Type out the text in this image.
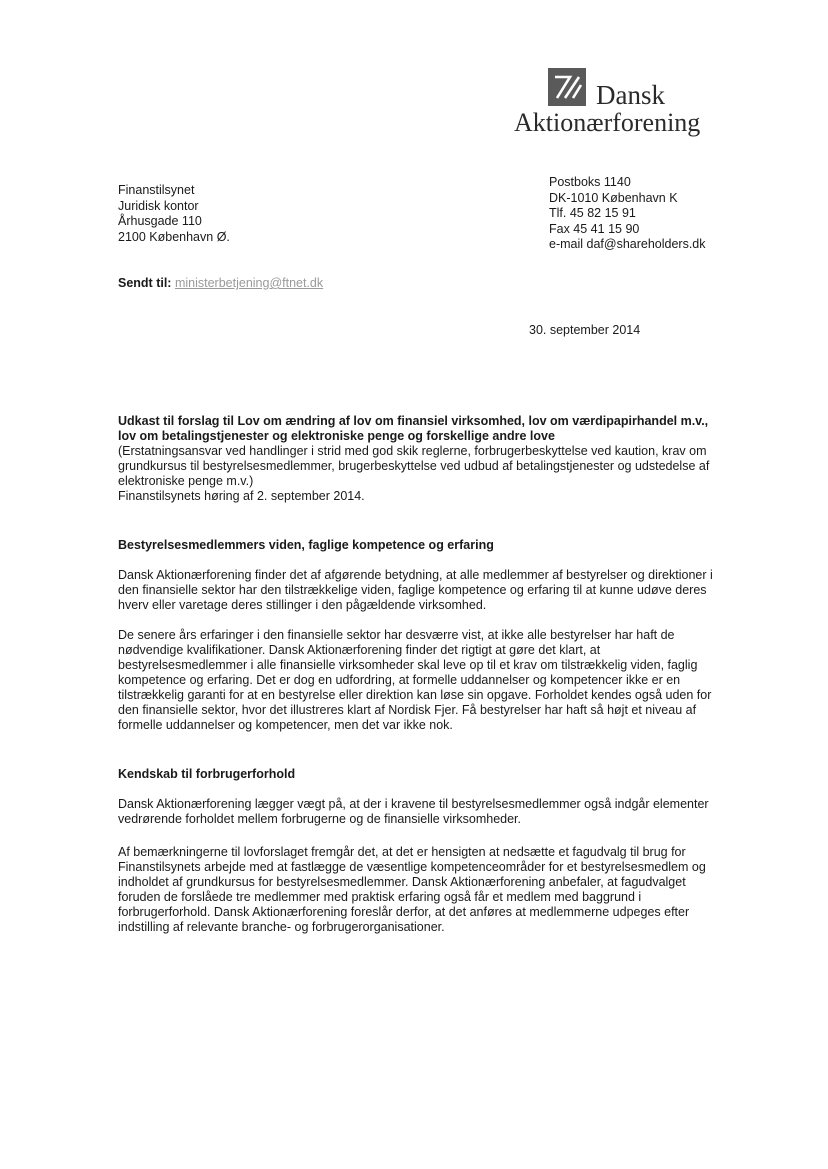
Dansk
Aktionærforening
Finanstilsynet
Juridisk kontor
Århusgade 110
2100 København Ø.
Postboks 1140
DK-1010 København K
Tlf. 45 82 15 91
Fax 45 41 15 90
e-mail daf@shareholders.dk
Sendt til: ministerbetjening@ftnet.dk
30. september 2014

Udkast til forslag til Lov om ændring af lov om finansiel virksomhed, lov om værdipapirhandel m.v., lov om betalingstjenester og elektroniske penge og forskellige andre love

(Erstatningsansvar ved handlinger i strid med god skik reglerne, forbrugerbeskyttelse ved kaution, krav om grundkursus til bestyrelsesmedlemmer, brugerbeskyttelse ved udbud af betalingstjenester og udstedelse af elektroniske penge m.v.)

Finanstilsynets høring af 2. september 2014.

Bestyrelsesmedlemmers viden, faglige kompetence og erfaring
Dansk Aktionærforening finder det af afgørende betydning, at alle medlemmer af bestyrelser og direktioner i den finansielle sektor har den tilstrækkelige viden, faglige kompetence og erfaring til at kunne udøve deres hverv eller varetage deres stillinger i den pågældende virksomhed.
De senere års erfaringer i den finansielle sektor har desværre vist, at ikke alle bestyrelser har haft de nødvendige kvalifikationer. Dansk Aktionærforening finder det rigtigt at gøre det klart, at bestyrelsesmedlemmer i alle finansielle virksomheder skal leve op til et krav om tilstrækkelig viden, faglig kompetence og erfaring. Det er dog en udfordring, at formelle uddannelser og kompetencer ikke er en tilstrækkelig garanti for at en bestyrelse eller direktion kan løse sin opgave. Forholdet kendes også uden for den finansielle sektor, hvor det illustreres klart af Nordisk Fjer. Få bestyrelser har haft så højt et niveau af formelle uddannelser og kompetencer, men det var ikke nok.
Kendskab til forbrugerforhold
Dansk Aktionærforening lægger vægt på, at der i kravene til bestyrelsesmedlemmer også indgår elementer vedrørende forholdet mellem forbrugerne og de finansielle virksomheder.
Af bemærkningerne til lovforslaget fremgår det, at det er hensigten at nedsætte et fagudvalg til brug for Finanstilsynets arbejde med at fastlægge de væsentlige kompetenceområder for et bestyrelsesmedlem og indholdet af grundkursus for bestyrelsesmedlemmer. Dansk Aktionærforening anbefaler, at fagudvalget foruden de forslåede tre medlemmer med praktisk erfaring også får et medlem med baggrund i forbrugerforhold. Dansk Aktionærforening foreslår derfor, at det anføres at medlemmerne udpeges efter indstilling af relevante branche- og forbrugerorganisationer.
